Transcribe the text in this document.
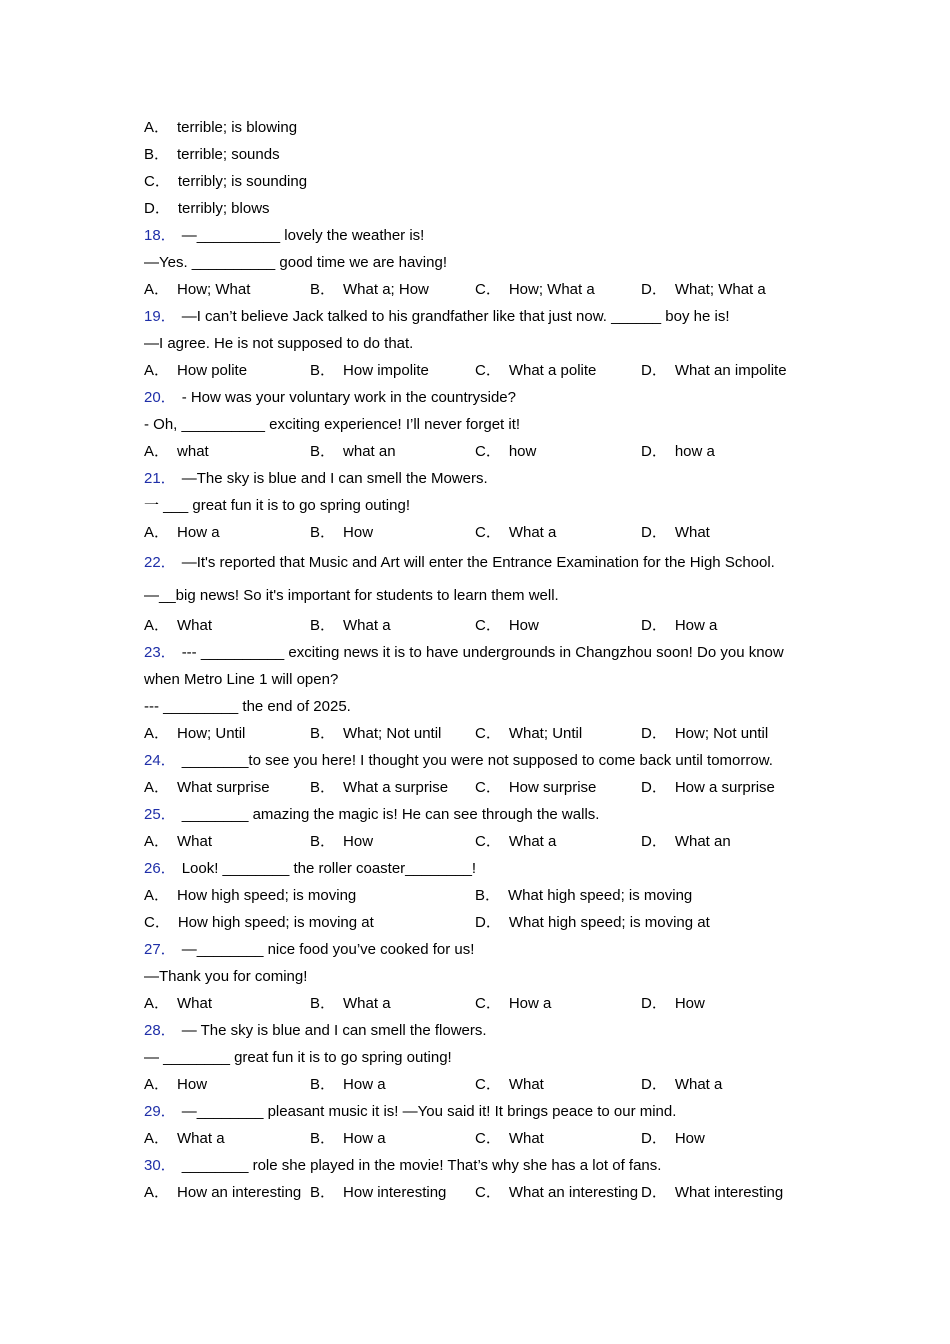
A． terrible; is blowing
B． terrible; sounds
C． terribly; is sounding
D． terribly; blows
18． —__________ lovely the weather is!
—Yes. __________ good time we are having!
A． How; What	B． What a; How	C． How; What a	D． What; What a
19． —I can’t believe Jack talked to his grandfather like that just now. ______ boy he is!
—I agree. He is not supposed to do that.
A． How polite	B． How impolite	C． What a polite	D． What an impolite
20． - How was your voluntary work in the countryside?
- Oh, __________ exciting experience! I’ll never forget it!
A． what	B． what an	C． how	D． how a
21． —The sky is blue and I can smell the Mowers.
一 ___ great fun it is to go spring outing!
A． How a	B． How	C． What a	D． What
22． —It's reported that Music and Art will enter the Entrance Examination for the High School.
—__big news! So it's important for students to learn them well.
A． What	B． What a	C． How	D． How a
23． --- __________ exciting news it is to have undergrounds in Changzhou soon! Do you know
when Metro Line 1 will open?
--- _________ the end of 2025.
A． How; Until	B． What; Not until C． What; Until	D． How; Not until
24． ________to see you here! I thought you were not supposed to come back until tomorrow.
A． What surprise	B． What a surprise C． How surprise	D． How a surprise
25． ________ amazing the magic is! He can see through the walls.
A． What	B． How	C． What a	D． What an
26． Look! ________ the roller coaster________!
A． How high speed; is moving	B． What high speed; is moving
C． How high speed; is moving at	D． What high speed; is moving at
27． —________ nice food you’ve cooked for us!
—Thank you for coming!
A． What	B． What a	C． How a	D． How
28． — The sky is blue and I can smell the flowers.
— ________ great fun it is to go spring outing!
A． How	B． How a	C． What	D． What a
29． —________ pleasant music it is! —You said it! It brings peace to our mind.
A． What a	B． How a	C． What	D． How
30． ________ role she played in the movie! That’s why she has a lot of fans.
A． How an interesting B． How interesting C． What an interesting D． What interesting
